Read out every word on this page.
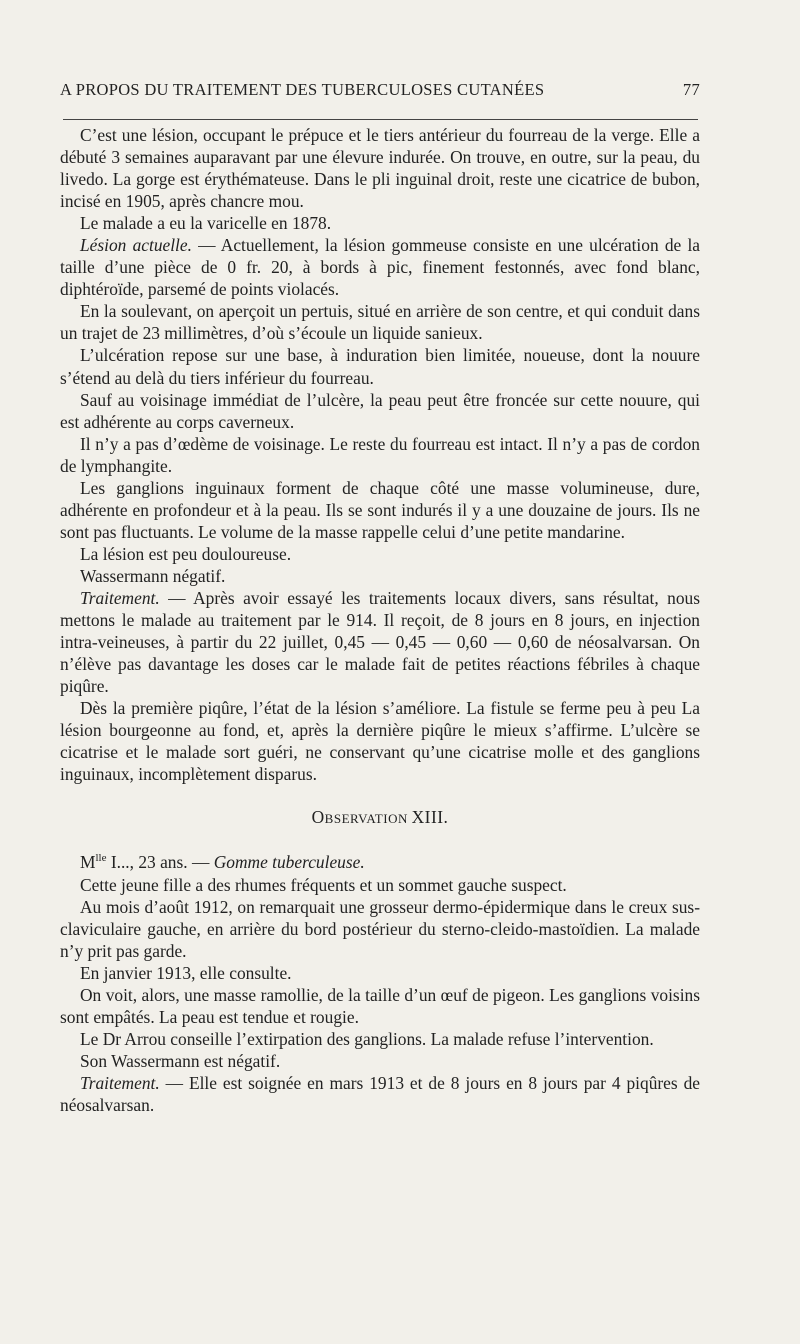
A PROPOS DU TRAITEMENT DES TUBERCULOSES CUTANÉES	77

C’est une lésion, occupant le prépuce et le tiers antérieur du fourreau de la verge. Elle a débuté 3 semaines auparavant par une élevure indurée. On trouve, en outre, sur la peau, du livedo. La gorge est érythémateuse. Dans le pli inguinal droit, reste une cicatrice de bubon, incisé en 1905, après chancre mou.

Le malade a eu la varicelle en 1878.

Lésion actuelle. — Actuellement, la lésion gommeuse consiste en une ulcération de la taille d’une pièce de 0 fr. 20, à bords à pic, finement festonnés, avec fond blanc, diphtéroïde, parsemé de points violacés.

En la soulevant, on aperçoit un pertuis, situé en arrière de son centre, et qui conduit dans un trajet de 23 millimètres, d’où s’écoule un liquide sanieux.

L’ulcération repose sur une base, à induration bien limitée, noueuse, dont la nouure s’étend au delà du tiers inférieur du fourreau.

Sauf au voisinage immédiat de l’ulcère, la peau peut être froncée sur cette nouure, qui est adhérente au corps caverneux.

Il n’y a pas d’œdème de voisinage. Le reste du fourreau est intact. Il n’y a pas de cordon de lymphangite.

Les ganglions inguinaux forment de chaque côté une masse volumineuse, dure, adhérente en profondeur et à la peau. Ils se sont indurés il y a une douzaine de jours. Ils ne sont pas fluctuants. Le volume de la masse rappelle celui d’une petite mandarine.

La lésion est peu douloureuse.

Wassermann négatif.

Traitement. — Après avoir essayé les traitements locaux divers, sans résultat, nous mettons le malade au traitement par le 914. Il reçoit, de 8 jours en 8 jours, en injection intra-veineuses, à partir du 22 juillet, 0,45 — 0,45 — 0,60 — 0,60 de néosalvarsan. On n’élève pas davantage les doses car le malade fait de petites réactions fébriles à chaque piqûre.

Dès la première piqûre, l’état de la lésion s’améliore. La fistule se ferme peu à peu La lésion bourgeonne au fond, et, après la dernière piqûre le mieux s’affirme. L’ulcère se cicatrise et le malade sort guéri, ne conservant qu’une cicatrise molle et des ganglions inguinaux, incomplètement disparus.

OBSERVATION XIII.

$M^{lle}$ I..., 23 ans. — Gomme tuberculeuse.

Cette jeune fille a des rhumes fréquents et un sommet gauche suspect.

Au mois d’août 1912, on remarquait une grosseur dermo-épidermique dans le creux sus-claviculaire gauche, en arrière du bord postérieur du sterno-cleido-mastoïdien. La malade n’y prit pas garde.

En janvier 1913, elle consulte.

On voit, alors, une masse ramollie, de la taille d’un œuf de pigeon. Les ganglions voisins sont empâtés. La peau est tendue et rougie.

Le Dr Arrou conseille l’extirpation des ganglions. La malade refuse l’intervention.

Son Wassermann est négatif.

Traitement. — Elle est soignée en mars 1913 et de 8 jours en 8 jours par 4 piqûres de néosalvarsan.
